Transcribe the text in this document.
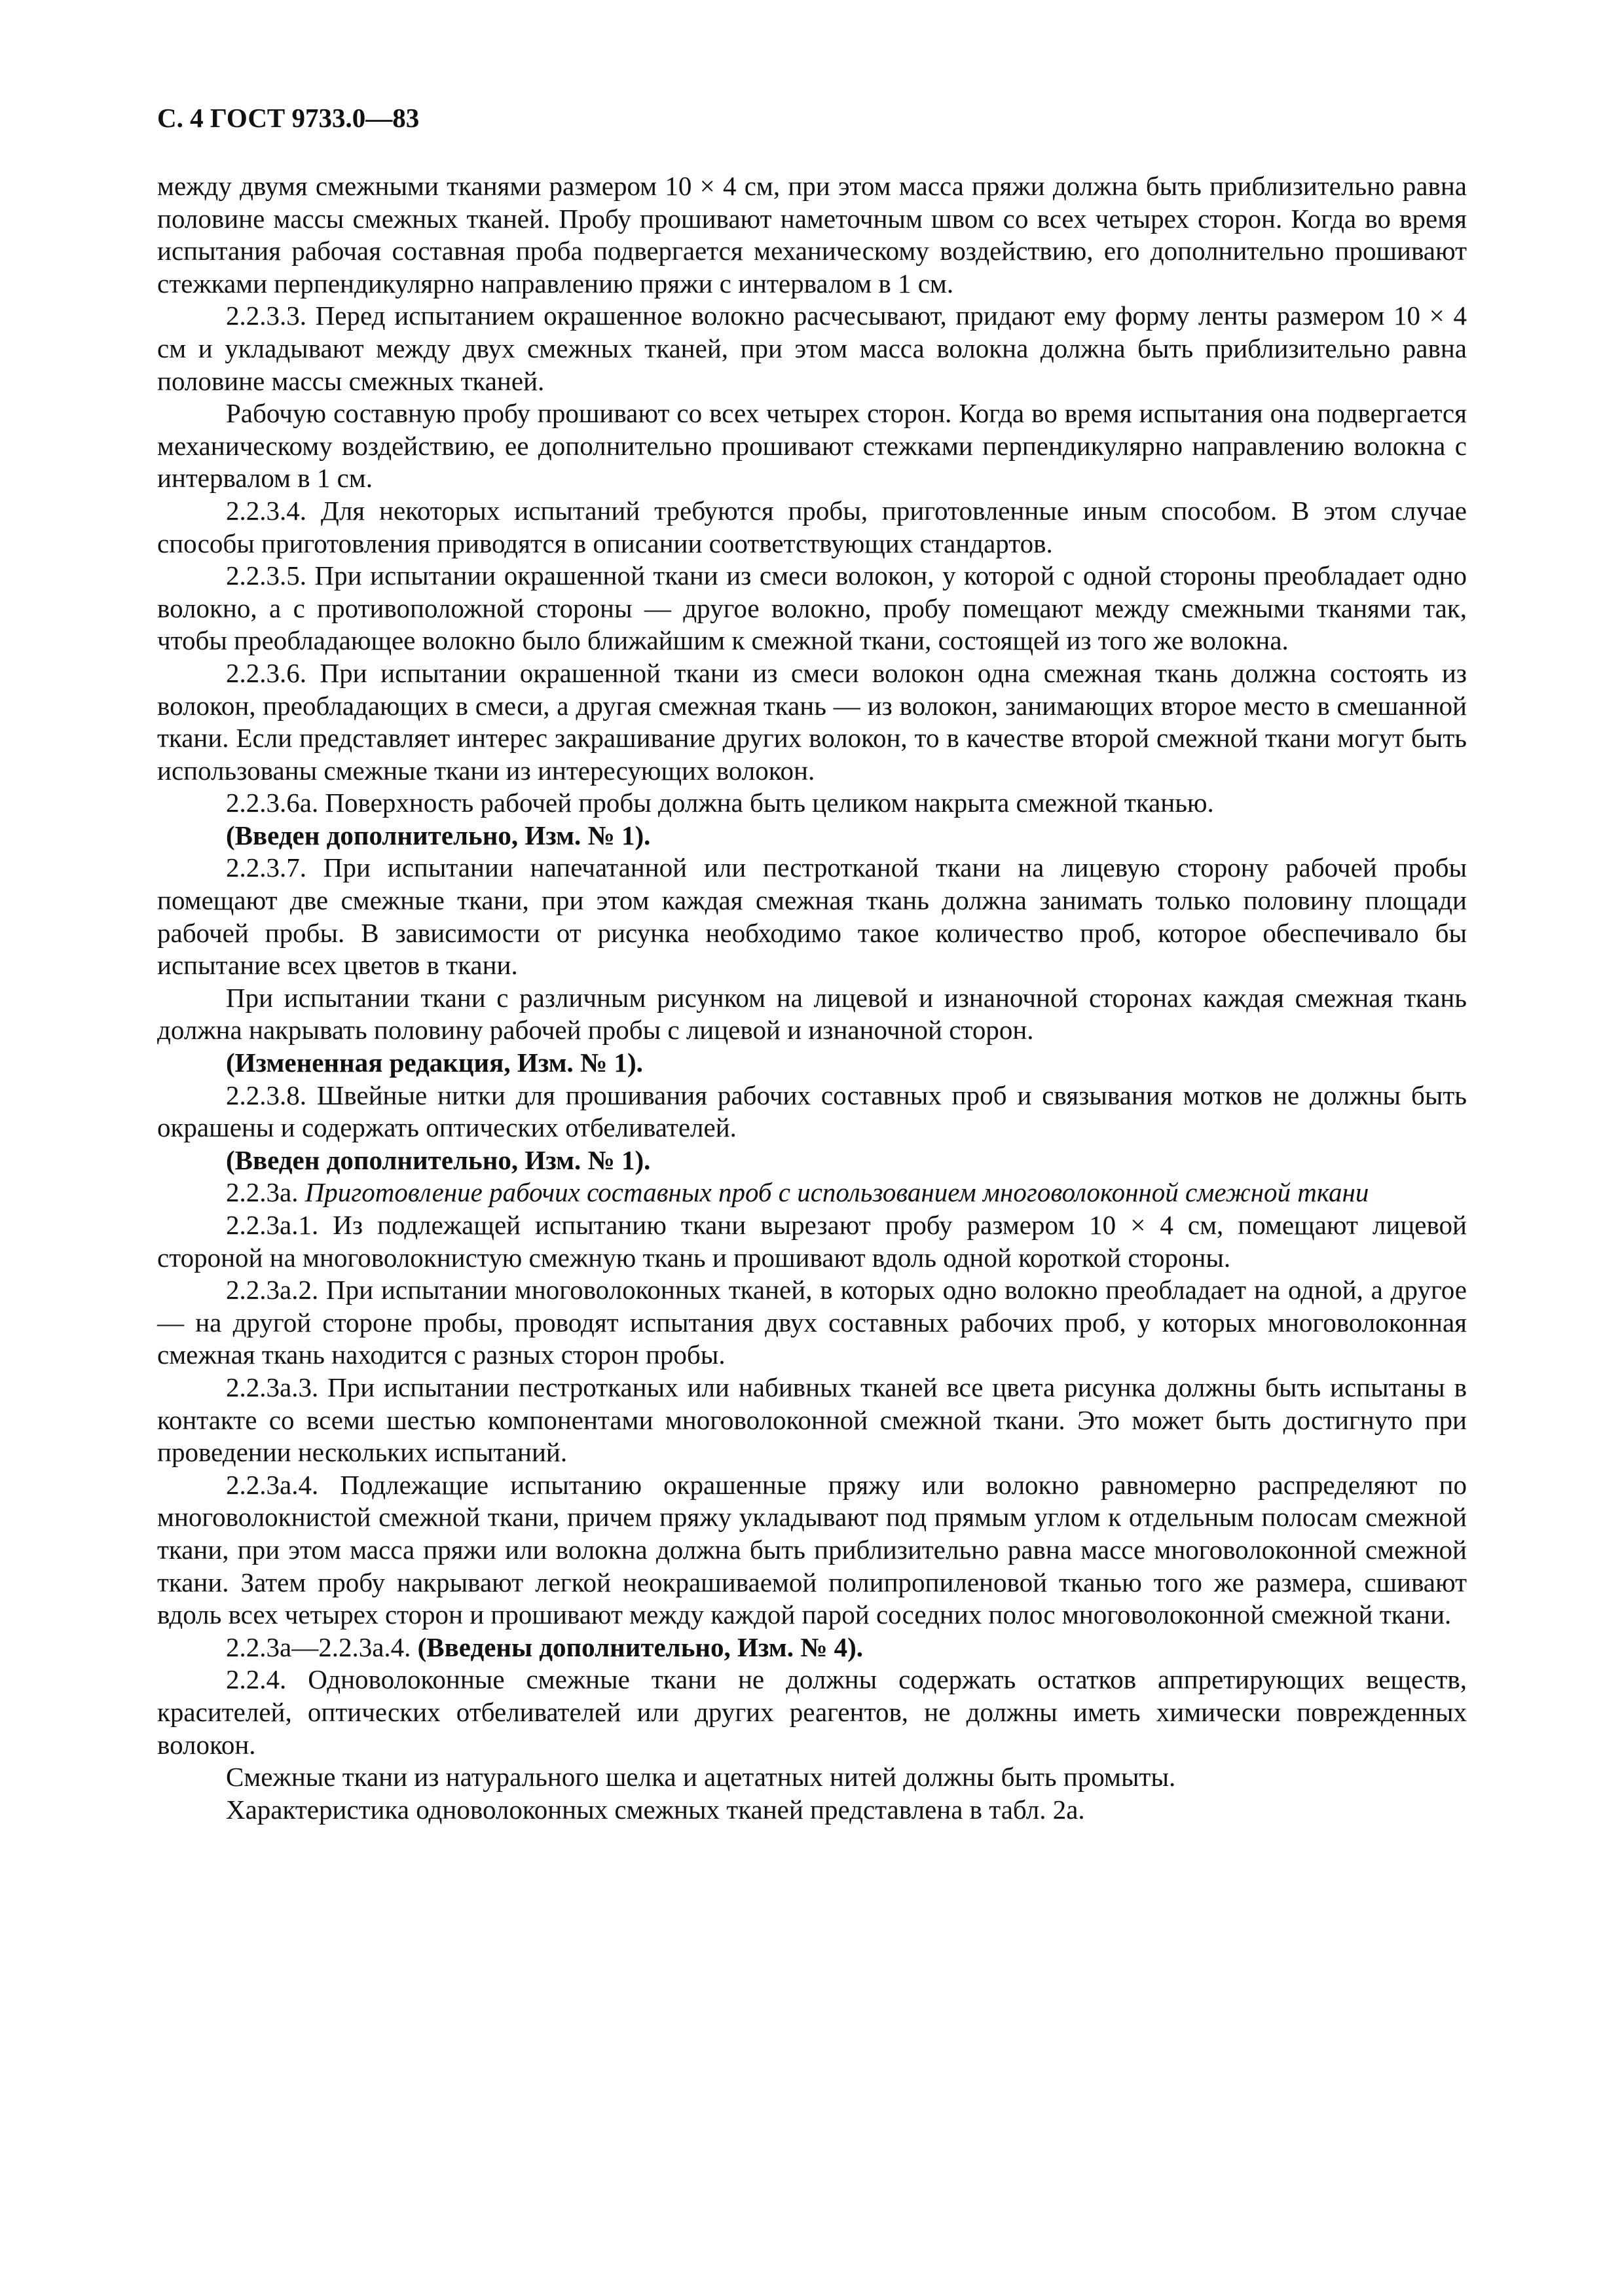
С. 4 ГОСТ 9733.0—83

между двумя смежными тканями размером 10 × 4 см, при этом масса пряжи должна быть приблизительно равна половине массы смежных тканей. Пробу прошивают наметочным швом со всех четырех сторон. Когда во время испытания рабочая составная проба подвергается механическому воздействию, его дополнительно прошивают стежками перпендикулярно направлению пряжи с интервалом в 1 см.

2.2.3.3. Перед испытанием окрашенное волокно расчесывают, придают ему форму ленты размером 10 × 4 см и укладывают между двух смежных тканей, при этом масса волокна должна быть приблизительно равна половине массы смежных тканей.

Рабочую составную пробу прошивают со всех четырех сторон. Когда во время испытания она подвергается механическому воздействию, ее дополнительно прошивают стежками перпендикулярно направлению волокна с интервалом в 1 см.

2.2.3.4. Для некоторых испытаний требуются пробы, приготовленные иным способом. В этом случае способы приготовления приводятся в описании соответствующих стандартов.

2.2.3.5. При испытании окрашенной ткани из смеси волокон, у которой с одной стороны преобладает одно волокно, а с противоположной стороны — другое волокно, пробу помещают между смежными тканями так, чтобы преобладающее волокно было ближайшим к смежной ткани, состоящей из того же волокна.

2.2.3.6. При испытании окрашенной ткани из смеси волокон одна смежная ткань должна состоять из волокон, преобладающих в смеси, а другая смежная ткань — из волокон, занимающих второе место в смешанной ткани. Если представляет интерес закрашивание других волокон, то в качестве второй смежной ткани могут быть использованы смежные ткани из интересующих волокон.

2.2.3.6а. Поверхность рабочей пробы должна быть целиком накрыта смежной тканью.

(Введен дополнительно, Изм. № 1).

2.2.3.7. При испытании напечатанной или пестротканой ткани на лицевую сторону рабочей пробы помещают две смежные ткани, при этом каждая смежная ткань должна занимать только половину площади рабочей пробы. В зависимости от рисунка необходимо такое количество проб, которое обеспечивало бы испытание всех цветов в ткани.

При испытании ткани с различным рисунком на лицевой и изнаночной сторонах каждая смежная ткань должна накрывать половину рабочей пробы с лицевой и изнаночной сторон.

(Измененная редакция, Изм. № 1).

2.2.3.8. Швейные нитки для прошивания рабочих составных проб и связывания мотков не должны быть окрашены и содержать оптических отбеливателей.

(Введен дополнительно, Изм. № 1).

2.2.3а. Приготовление рабочих составных проб с использованием многоволоконной смежной ткани

2.2.3а.1. Из подлежащей испытанию ткани вырезают пробу размером 10 × 4 см, помещают лицевой стороной на многоволокнистую смежную ткань и прошивают вдоль одной короткой стороны.

2.2.3а.2. При испытании многоволоконных тканей, в которых одно волокно преобладает на одной, а другое — на другой стороне пробы, проводят испытания двух составных рабочих проб, у которых многоволоконная смежная ткань находится с разных сторон пробы.

2.2.3а.3. При испытании пестротканых или набивных тканей все цвета рисунка должны быть испытаны в контакте со всеми шестью компонентами многоволоконной смежной ткани. Это может быть достигнуто при проведении нескольких испытаний.

2.2.3а.4. Подлежащие испытанию окрашенные пряжу или волокно равномерно распределяют по многоволокнистой смежной ткани, причем пряжу укладывают под прямым углом к отдельным полосам смежной ткани, при этом масса пряжи или волокна должна быть приблизительно равна массе многоволоконной смежной ткани. Затем пробу накрывают легкой неокрашиваемой полипропиленовой тканью того же размера, сшивают вдоль всех четырех сторон и прошивают между каждой парой соседних полос многоволоконной смежной ткани.

2.2.3а—2.2.3а.4. (Введены дополнительно, Изм. № 4).

2.2.4. Одноволоконные смежные ткани не должны содержать остатков аппретирующих веществ, красителей, оптических отбеливателей или других реагентов, не должны иметь химически поврежденных волокон.

Смежные ткани из натурального шелка и ацетатных нитей должны быть промыты.

Характеристика одноволоконных смежных тканей представлена в табл. 2а.
